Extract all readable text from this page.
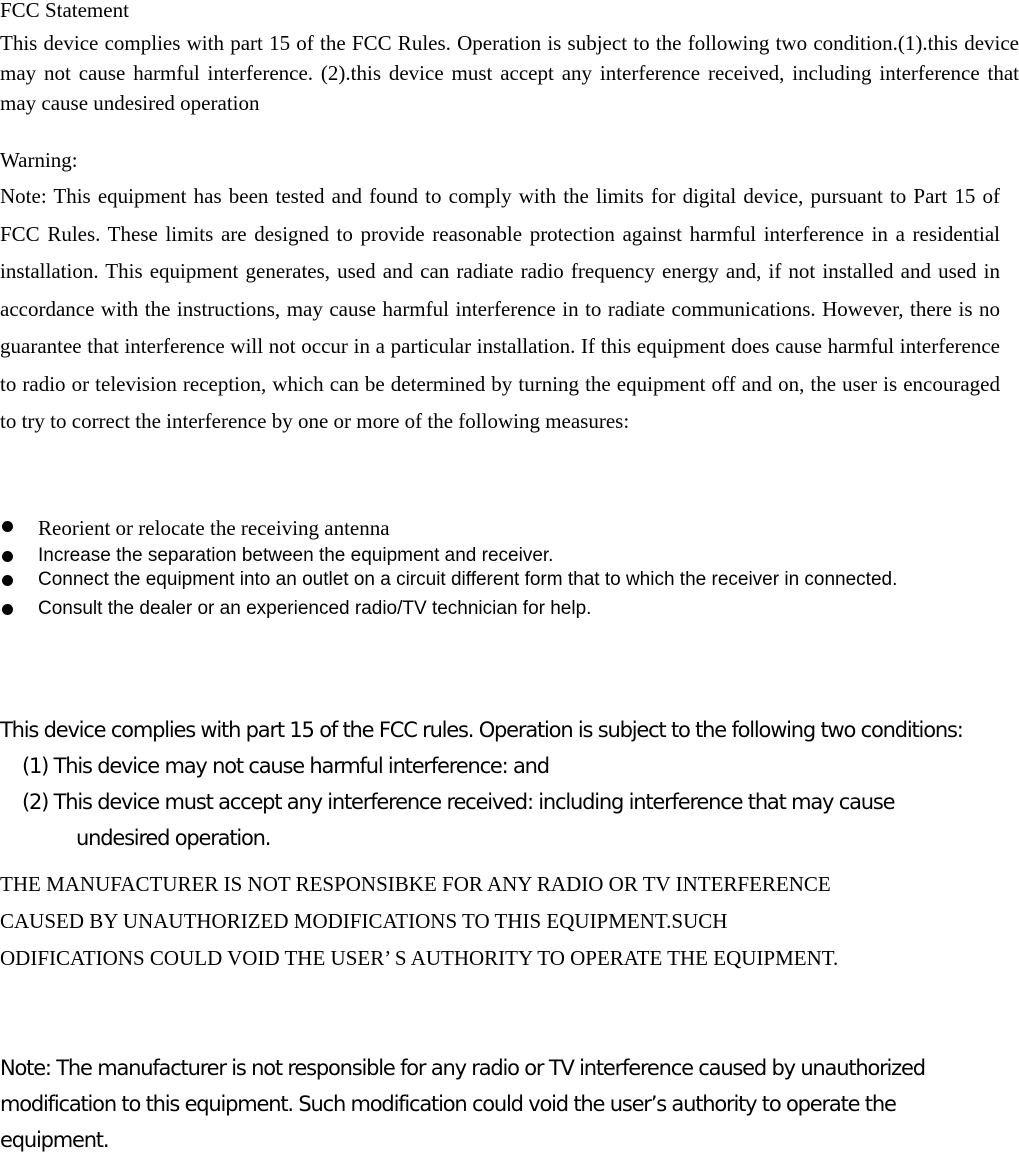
FCC Statement
This device complies with part 15 of the FCC Rules. Operation is subject to the following two condition.(1).this device may not cause harmful interference. (2).this device must accept any interference received, including interference that may cause undesired operation
Warning:
Note: This equipment has been tested and found to comply with the limits for digital device, pursuant to Part 15 of FCC Rules. These limits are designed to provide reasonable protection against harmful interference in a residential installation. This equipment generates, used and can radiate radio frequency energy and, if not installed and used in accordance with the instructions, may cause harmful interference in to radiate communications. However, there is no guarantee that interference will not occur in a particular installation. If this equipment does cause harmful interference to radio or television reception, which can be determined by turning the equipment off and on, the user is encouraged to try to correct the interference by one or more of the following measures:
Reorient or relocate the receiving antenna
Increase the separation between the equipment and receiver.
Connect the equipment into an outlet on a circuit different form that to which the receiver in connected.
Consult the dealer or an experienced radio/TV technician for help.
This device complies with part 15 of the FCC rules. Operation is subject to the following two conditions:
(1) This device may not cause harmful interference: and
(2) This device must accept any interference received: including interference that may cause
undesired operation.
THE MANUFACTURER IS NOT RESPONSIBKE FOR ANY RADIO OR TV INTERFERENCE
CAUSED BY UNAUTHORIZED MODIFICATIONS TO THIS EQUIPMENT.SUCH
ODIFICATIONS COULD VOID THE USER’ S AUTHORITY TO OPERATE THE EQUIPMENT.
Note: The manufacturer is not responsible for any radio or TV interference caused by unauthorized
modification to this equipment. Such modification could void the user’s authority to operate the
equipment.
